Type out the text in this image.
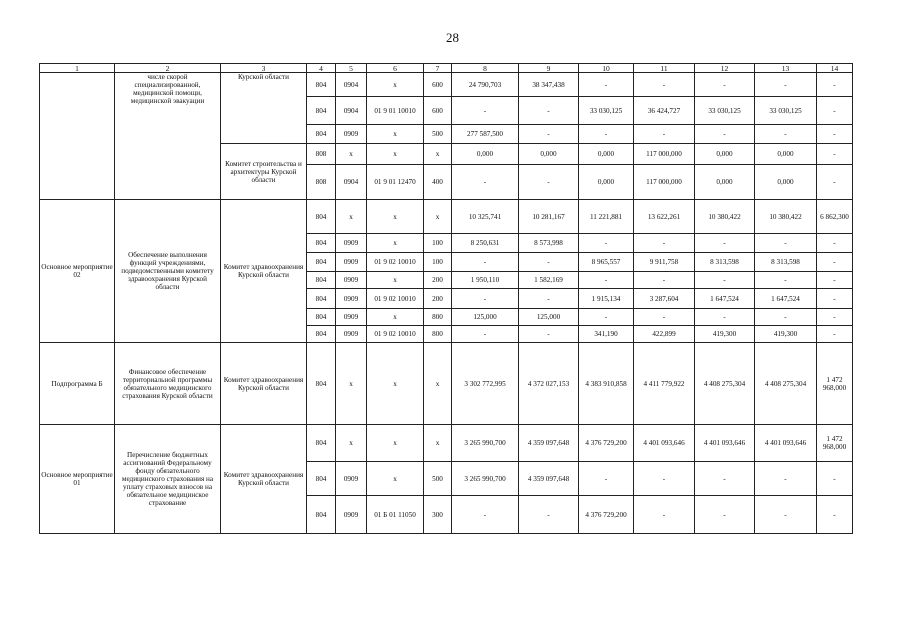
28
1	2	3	4	5	6	7	8	9	10	11	12	13	14
	числе скорой специализированной, медицинской помощи, медицинской эвакуации	Курской области	804	0904	x	600	24 790,703	38 347,438	-	-	-	-	-
			804	0904	01 9 01 10010	600	-	-	33 030,125	36 424,727	33 030,125	33 030,125	-
			804	0909	x	500	277 587,500	-	-	-	-	-	-
		Комитет строительства и архитектуры Курской области	808	x	x	x	0,000	0,000	0,000	117 000,000	0,000	0,000	-
			808	0904	01 9 01 12470	400	-	-	0,000	117 000,000	0,000	0,000	-
Основное мероприятие 02	Обеспечение выполнения функций учреждениями, подведомственными комитету здравоохранения Курской области	Комитет здравоохранения Курской области	804	x	x	x	10 325,741	10 281,167	11 221,881	13 622,261	10 380,422	10 380,422	6 862,300
			804	0909	x	100	8 250,631	8 573,998	-	-	-	-	-
			804	0909	01 9 02 10010	100	-	-	8 965,557	9 911,758	8 313,598	8 313,598	-
			804	0909	x	200	1 950,110	1 582,169	-	-	-	-	-
			804	0909	01 9 02 10010	200	-	-	1 915,134	3 287,604	1 647,524	1 647,524	-
			804	0909	x	800	125,000	125,000	-	-	-	-	-
			804	0909	01 9 02 10010	800	-	-	341,190	422,899	419,300	419,300	-
Подпрограмма Б	Финансовое обеспечение территориальной программы обязательного медицинского страхования Курской области	Комитет здравоохранения Курской области	804	x	x	x	3 302 772,995	4 372 027,153	4 383 910,858	4 411 779,922	4 408 275,304	4 408 275,304	1 472 968,000
Основное мероприятие 01	Перечисление бюджетных ассигнований Федеральному фонду обязательного медицинского страхования на уплату страховых взносов на обязательное медицинское страхование	Комитет здравоохранения Курской области	804	x	x	x	3 265 990,700	4 359 097,648	4 376 729,200	4 401 093,646	4 401 093,646	4 401 093,646	1 472 968,000
			804	0909	x	500	3 265 990,700	4 359 097,648	-	-	-	-	-
			804	0909	01 Б 01 11050	300	-	-	4 376 729,200	-	-	-	-
